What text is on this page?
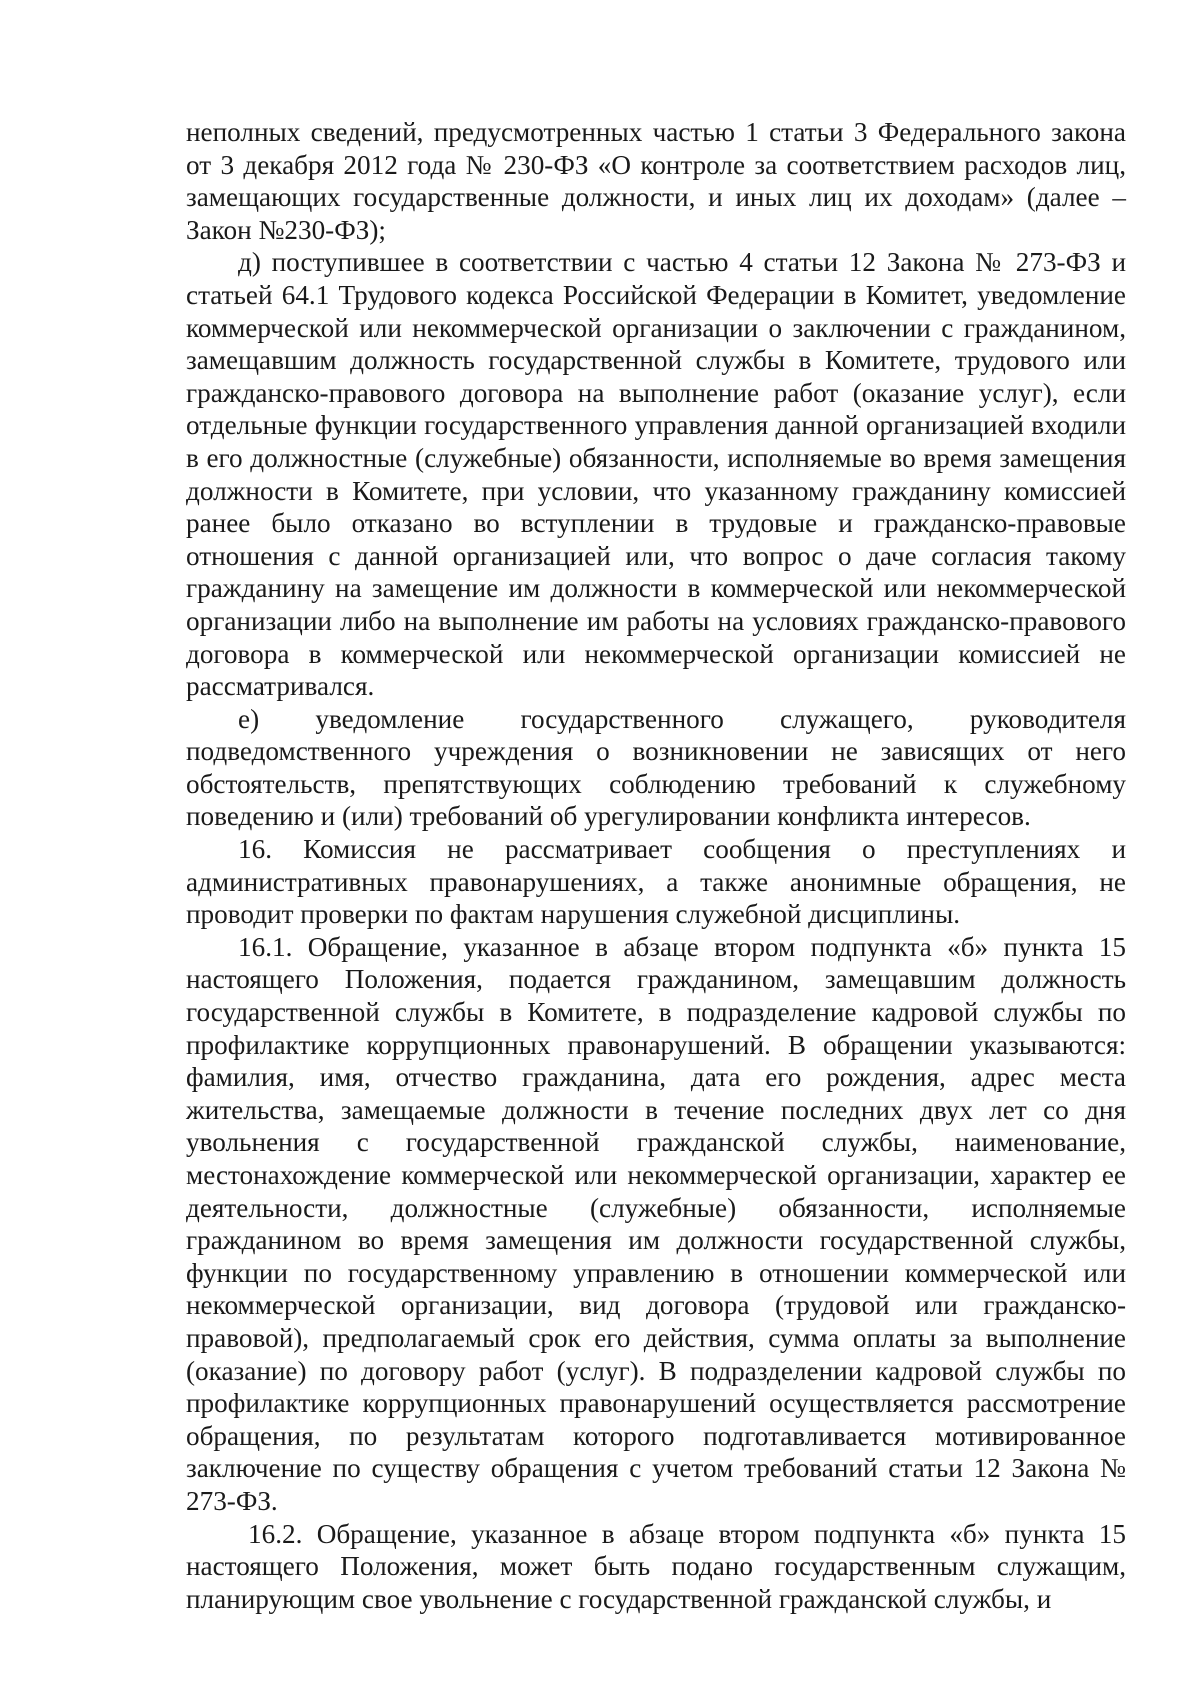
неполных сведений, предусмотренных частью 1 статьи 3 Федерального закона от 3 декабря 2012 года № 230-ФЗ «О контроле за соответствием расходов лиц, замещающих государственные должности, и иных лиц их доходам» (далее – Закон №230-ФЗ);

д) поступившее в соответствии с частью 4 статьи 12 Закона № 273-ФЗ и статьей 64.1 Трудового кодекса Российской Федерации в Комитет, уведомление коммерческой или некоммерческой организации о заключении с гражданином, замещавшим должность государственной службы в Комитете, трудового или гражданско-правового договора на выполнение работ (оказание услуг), если отдельные функции государственного управления данной организацией входили в его должностные (служебные) обязанности, исполняемые во время замещения должности в Комитете, при условии, что указанному гражданину комиссией ранее было отказано во вступлении в трудовые и гражданско-правовые отношения с данной организацией или, что вопрос о даче согласия такому гражданину на замещение им должности в коммерческой или некоммерческой организации либо на выполнение им работы на условиях гражданско-правового договора в коммерческой или некоммерческой организации комиссией не рассматривался.

е) уведомление государственного служащего, руководителя подведомственного учреждения о возникновении не зависящих от него обстоятельств, препятствующих соблюдению требований к служебному поведению и (или) требований об урегулировании конфликта интересов.

16. Комиссия не рассматривает сообщения о преступлениях и административных правонарушениях, а также анонимные обращения, не проводит проверки по фактам нарушения служебной дисциплины.

16.1. Обращение, указанное в абзаце втором подпункта «б» пункта 15 настоящего Положения, подается гражданином, замещавшим должность государственной службы в Комитете, в подразделение кадровой службы по профилактике коррупционных правонарушений. В обращении указываются: фамилия, имя, отчество гражданина, дата его рождения, адрес места жительства, замещаемые должности в течение последних двух лет со дня увольнения с государственной гражданской службы, наименование, местонахождение коммерческой или некоммерческой организации, характер ее деятельности, должностные (служебные) обязанности, исполняемые гражданином во время замещения им должности государственной службы, функции по государственному управлению в отношении коммерческой или некоммерческой организации, вид договора (трудовой или гражданско-правовой), предполагаемый срок его действия, сумма оплаты за выполнение (оказание) по договору работ (услуг). В подразделении кадровой службы по профилактике коррупционных правонарушений осуществляется рассмотрение обращения, по результатам которого подготавливается мотивированное заключение по существу обращения с учетом требований статьи 12 Закона № 273-ФЗ.

16.2. Обращение, указанное в абзаце втором подпункта «б» пункта 15 настоящего Положения, может быть подано государственным служащим, планирующим свое увольнение с государственной гражданской службы, и
